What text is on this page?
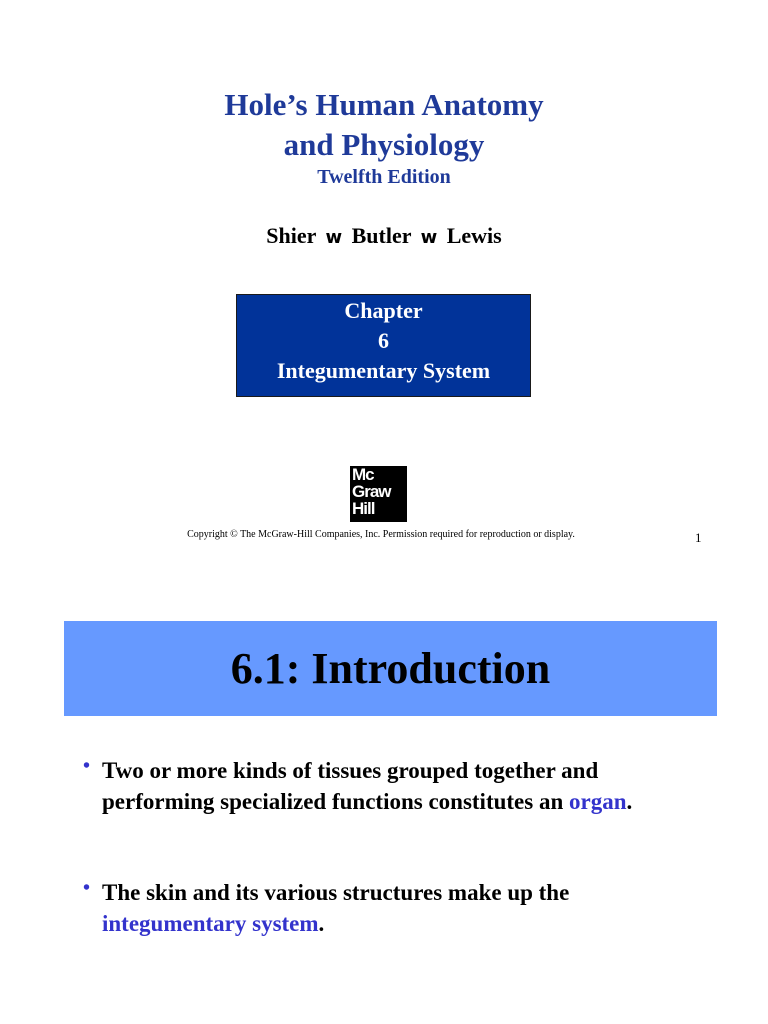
Hole’s Human Anatomy
and Physiology
Twelfth Edition
Shier w Butler w Lewis
Chapter
6
Integumentary System
Mc
Graw
Hill
Copyright © The McGraw-Hill Companies, Inc. Permission required for reproduction or display.	1
6.1: Introduction
• Two or more kinds of tissues grouped together and performing specialized functions constitutes an organ.
• The skin and its various structures make up the integumentary system.
